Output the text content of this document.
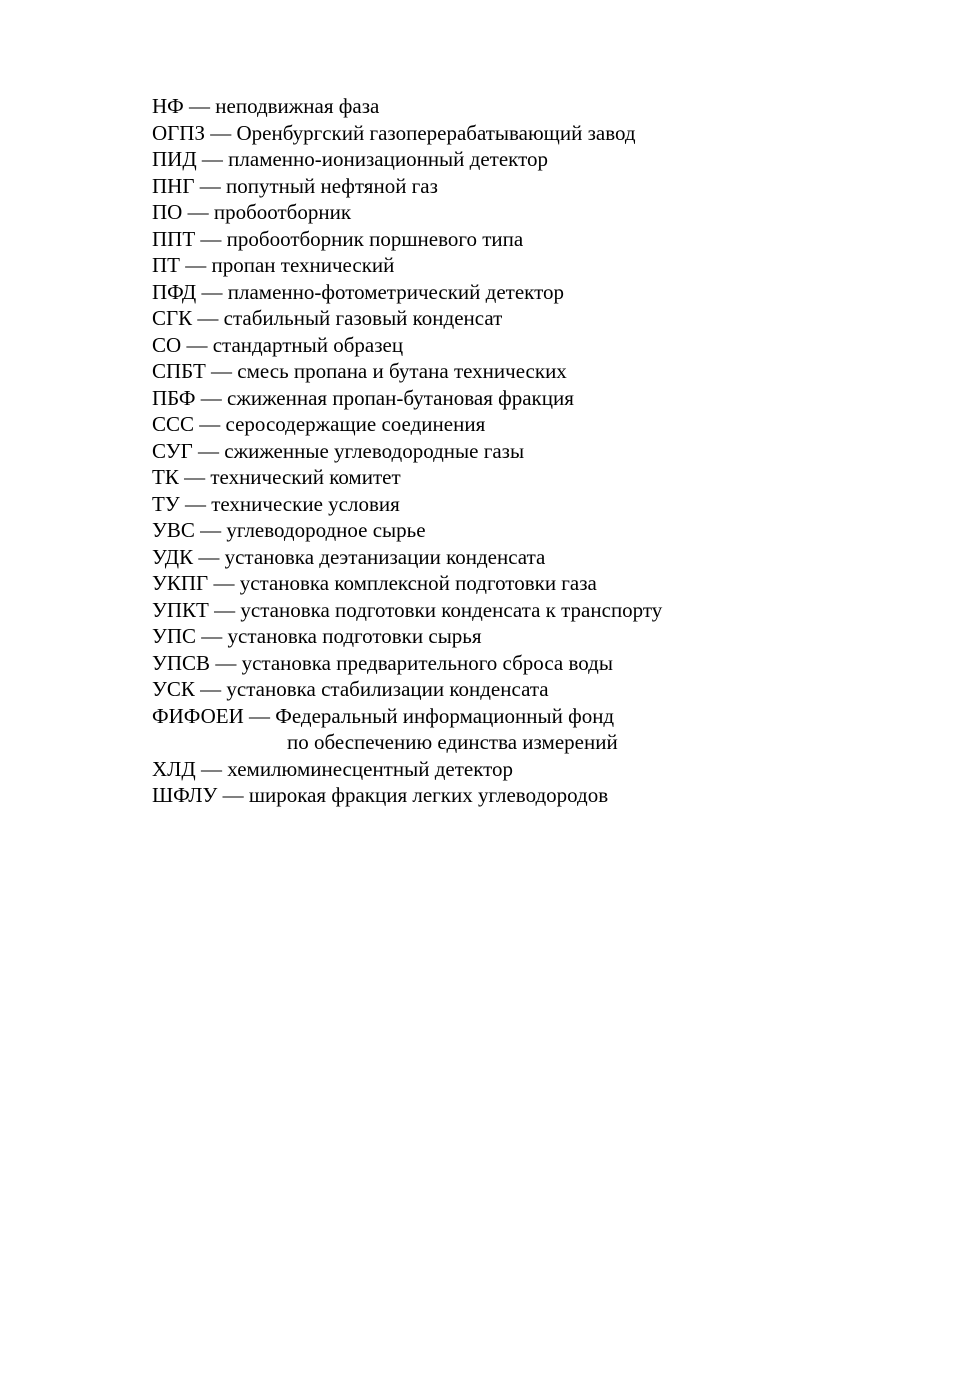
НФ — неподвижная фаза
ОГПЗ — Оренбургский газоперерабатывающий завод
ПИД — пламенно-ионизационный детектор
ПНГ — попутный нефтяной газ
ПО — пробоотборник
ППТ — пробоотборник поршневого типа
ПТ — пропан технический
ПФД — пламенно-фотометрический детектор
СГК — стабильный газовый конденсат
СО — стандартный образец
СПБТ — смесь пропана и бутана технических
ПБФ — сжиженная пропан-бутановая фракция
ССС — серосодержащие соединения
СУГ — сжиженные углеводородные газы
ТК — технический комитет
ТУ — технические условия
УВС — углеводородное сырье
УДК — установка деэтанизации конденсата
УКПГ — установка комплексной подготовки газа
УПКТ — установка подготовки конденсата к транспорту
УПС — установка подготовки сырья
УПСВ — установка предварительного сброса воды
УСК — установка стабилизации конденсата
ФИФОЕИ — Федеральный информационный фонд
по обеспечению единства измерений
ХЛД — хемилюминесцентный детектор
ШФЛУ — широкая фракция легких углеводородов
